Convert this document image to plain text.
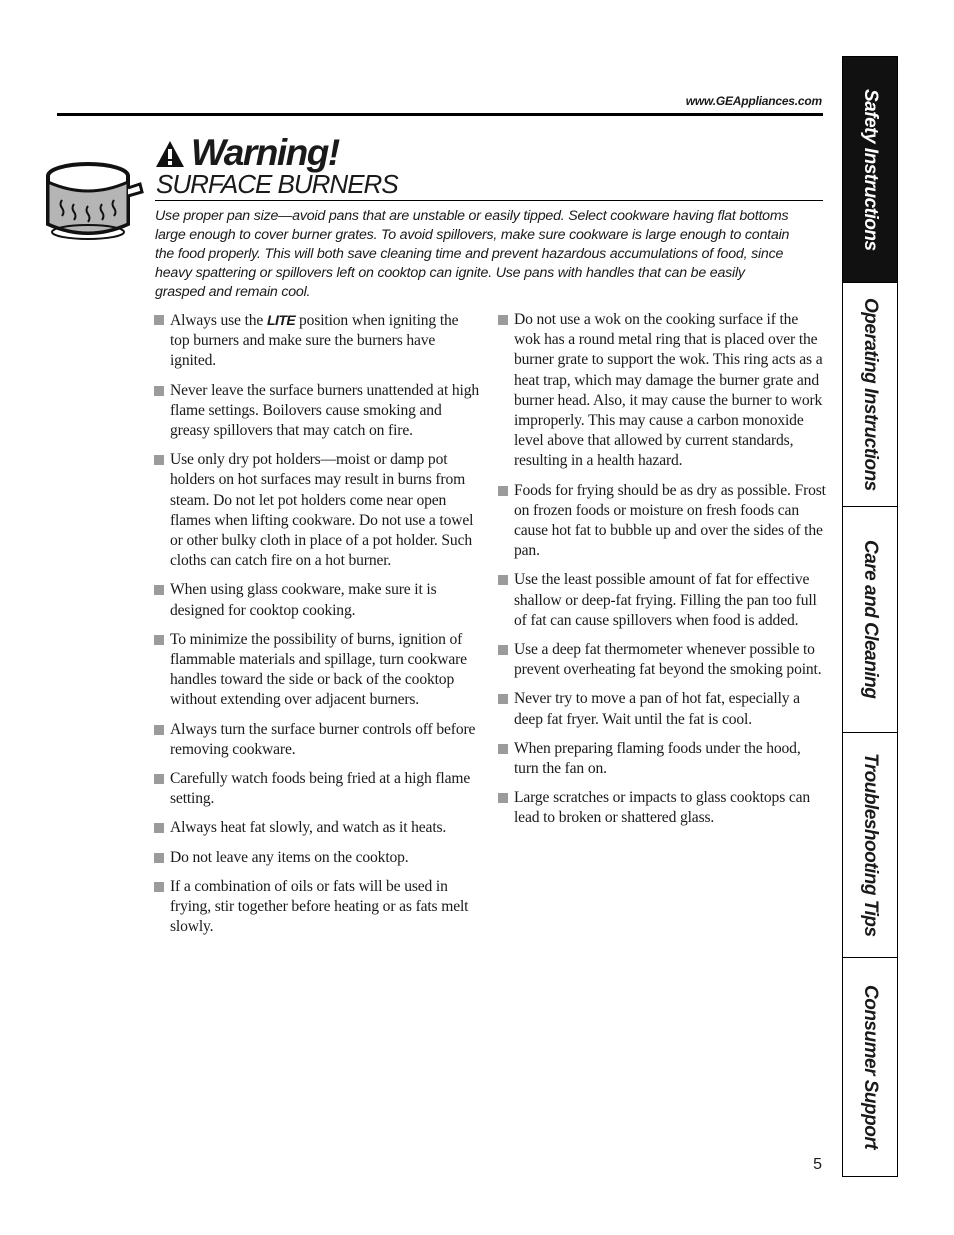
www.GEAppliances.com
Warning!
SURFACE BURNERS

Use proper pan size—avoid pans that are unstable or easily tipped. Select cookware having flat bottoms large enough to cover burner grates. To avoid spillovers, make sure cookware is large enough to contain the food properly. This will both save cleaning time and prevent hazardous accumulations of food, since heavy spattering or spillovers left on cooktop can ignite. Use pans with handles that can be easily grasped and remain cool.

Always use the LITE position when igniting the top burners and make sure the burners have ignited.
Never leave the surface burners unattended at high flame settings. Boilovers cause smoking and greasy spillovers that may catch on fire.
Use only dry pot holders—moist or damp pot holders on hot surfaces may result in burns from steam. Do not let pot holders come near open flames when lifting cookware. Do not use a towel or other bulky cloth in place of a pot holder. Such cloths can catch fire on a hot burner.
When using glass cookware, make sure it is designed for cooktop cooking.
To minimize the possibility of burns, ignition of flammable materials and spillage, turn cookware handles toward the side or back of the cooktop without extending over adjacent burners.
Always turn the surface burner controls off before removing cookware.
Carefully watch foods being fried at a high flame setting.
Always heat fat slowly, and watch as it heats.
Do not leave any items on the cooktop.
If a combination of oils or fats will be used in frying, stir together before heating or as fats melt slowly.
Do not use a wok on the cooking surface if the wok has a round metal ring that is placed over the burner grate to support the wok. This ring acts as a heat trap, which may damage the burner grate and burner head. Also, it may cause the burner to work improperly. This may cause a carbon monoxide level above that allowed by current standards, resulting in a health hazard.
Foods for frying should be as dry as possible. Frost on frozen foods or moisture on fresh foods can cause hot fat to bubble up and over the sides of the pan.
Use the least possible amount of fat for effective shallow or deep-fat frying. Filling the pan too full of fat can cause spillovers when food is added.
Use a deep fat thermometer whenever possible to prevent overheating fat beyond the smoking point.
Never try to move a pan of hot fat, especially a deep fat fryer. Wait until the fat is cool.
When preparing flaming foods under the hood, turn the fan on.
Large scratches or impacts to glass cooktops can lead to broken or shattered glass.
5
Safety Instructions
Operating Instructions
Care and Cleaning
Troubleshooting Tips
Consumer Support
